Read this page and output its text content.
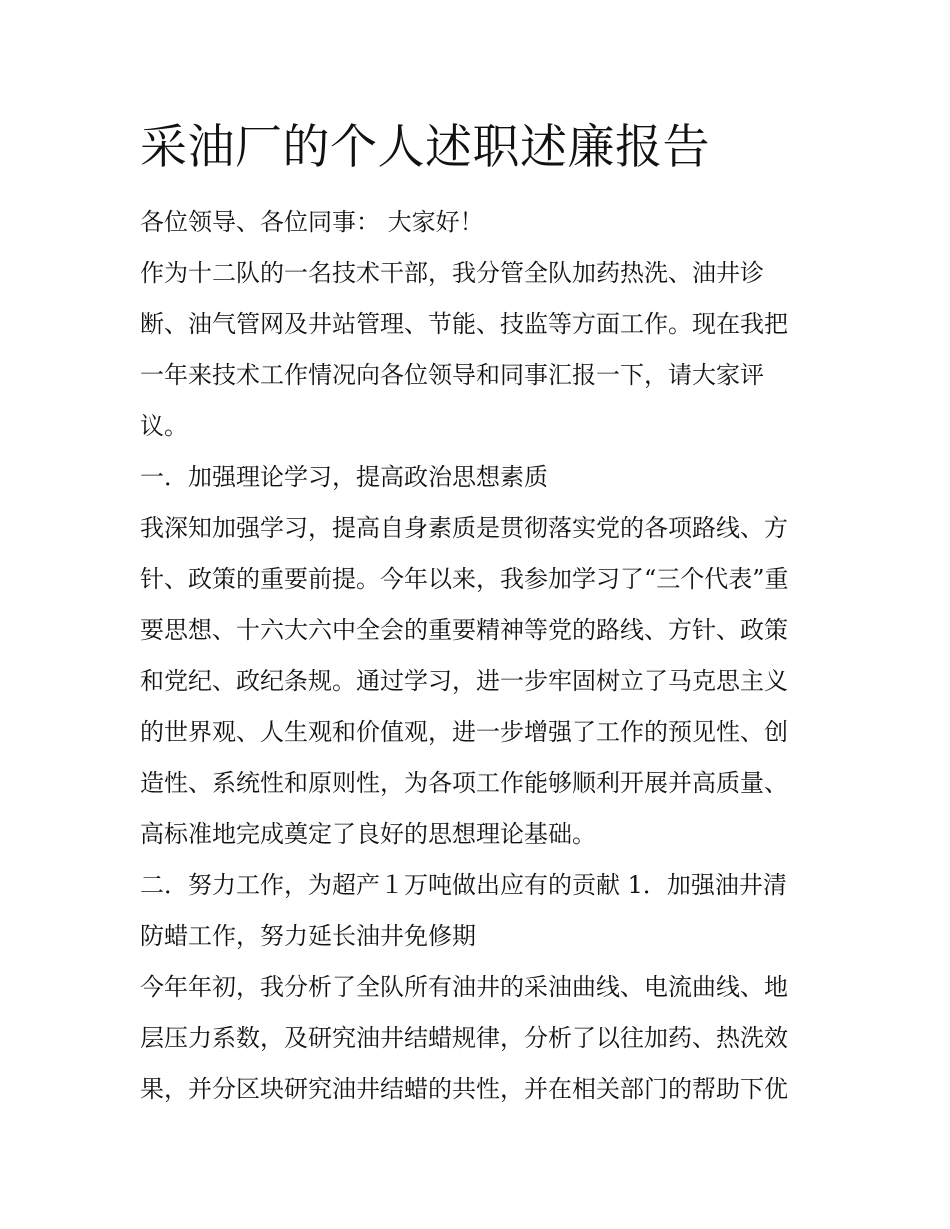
采油厂的个人述职述廉报告

各位领导、各位同事： 大家好！

作为十二队的一名技术干部，我分管全队加药热洗、油井诊

断、油气管网及井站管理、节能、技监等方面工作。现在我把

一年来技术工作情况向各位领导和同事汇报一下，请大家评

议。

一．加强理论学习，提高政治思想素质

我深知加强学习，提高自身素质是贯彻落实党的各项路线、方

针、政策的重要前提。今年以来，我参加学习了“三个代表”重

要思想、十六大六中全会的重要精神等党的路线、方针、政策

和党纪、政纪条规。通过学习，进一步牢固树立了马克思主义

的世界观、人生观和价值观，进一步增强了工作的预见性、创

造性、系统性和原则性，为各项工作能够顺利开展并高质量、

高标准地完成奠定了良好的思想理论基础。

二．努力工作，为超产１万吨做出应有的贡献 1．加强油井清

防蜡工作，努力延长油井免修期

今年年初，我分析了全队所有油井的采油曲线、电流曲线、地

层压力系数，及研究油井结蜡规律，分析了以往加药、热洗效

果，并分区块研究油井结蜡的共性，并在相关部门的帮助下优
